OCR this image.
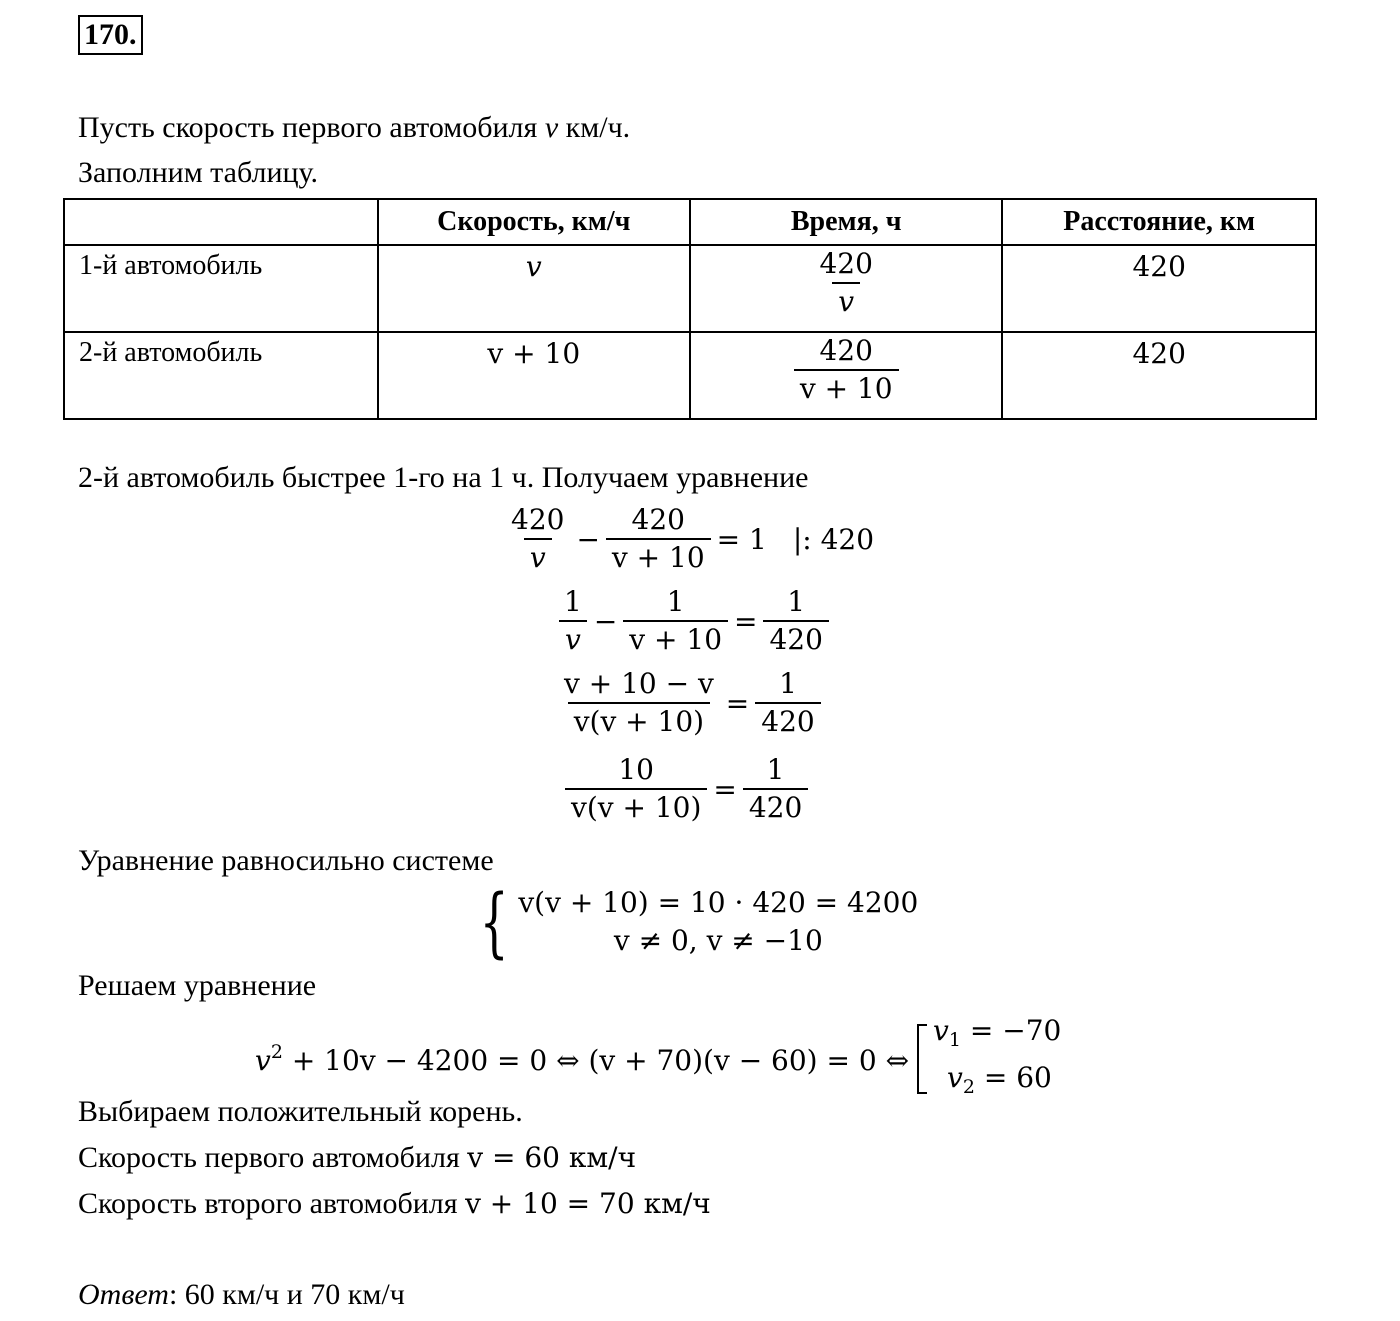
170.
Пусть скорость первого автомобиля v км/ч.
Заполним таблицу.
	Скорость, км/ч	Время, ч	Расстояние, км
1-й автомобиль	v	$\frac{420}{v}$	420
2-й автомобиль	v + 10	$\frac{420}{v + 10}$	420
2-й автомобиль быстрее 1-го на 1 ч. Получаем уравнение
$\frac{420}{v} - \frac{420}{v + 10} = 1$ |: 420
$\frac{1}{v} - \frac{1}{v + 10} = \frac{1}{420}$
$\frac{v + 10 - v}{v(v + 10)} = \frac{1}{420}$
$\frac{10}{v(v + 10)} = \frac{1}{420}$
Уравнение равносильно системе
{ v(v + 10) = 10 · 420 = 4200
v ≠ 0, v ≠ −10
Решаем уравнение
$v^2 + 10v - 4200 = 0$ ⇔ (v + 70)(v − 60) = 0 ⇔
$v_1 = -70$
$v_2 = 60$
Выбираем положительный корень.
Скорость первого автомобиля v = 60 км/ч
Скорость второго автомобиля v + 10 = 70 км/ч
Ответ: 60 км/ч и 70 км/ч
